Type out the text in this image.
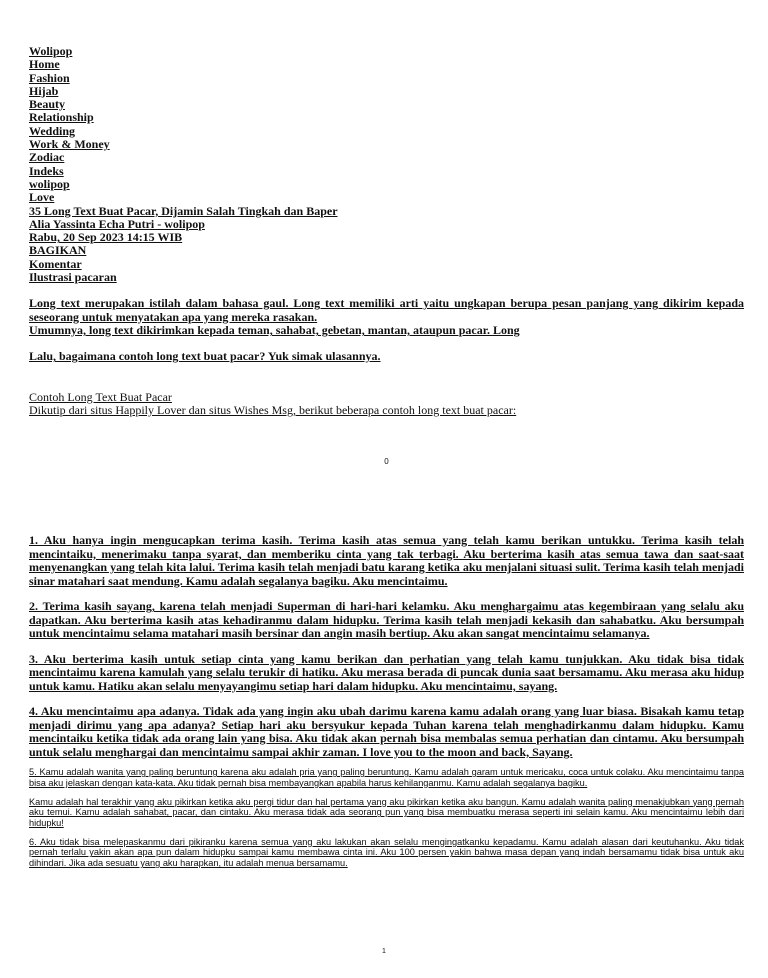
Wolipop
Home
Fashion
Hijab
Beauty
Relationship
Wedding
Work & Money
Zodiac
Indeks
wolipop
Love
35 Long Text Buat Pacar, Dijamin Salah Tingkah dan Baper
Alia Yassinta Echa Putri - wolipop
Rabu, 20 Sep 2023 14:15 WIB
BAGIKAN
Komentar
Ilustrasi pacaran
Long text merupakan istilah dalam bahasa gaul. Long text memiliki arti yaitu ungkapan berupa pesan panjang yang dikirim kepada seseorang untuk menyatakan apa yang mereka rasakan.
Umumnya, long text dikirimkan kepada teman, sahabat, gebetan, mantan, ataupun pacar. Long
Lalu, bagaimana contoh long text buat pacar? Yuk simak ulasannya.
Contoh Long Text Buat Pacar
Dikutip dari situs Happily Lover dan situs Wishes Msg, berikut beberapa contoh long text buat pacar:
0

1. Aku hanya ingin mengucapkan terima kasih. Terima kasih atas semua yang telah kamu berikan untukku. Terima kasih telah mencintaiku, menerimaku tanpa syarat, dan memberiku cinta yang tak terbagi. Aku berterima kasih atas semua tawa dan saat-saat menyenangkan yang telah kita lalui. Terima kasih telah menjadi batu karang ketika aku menjalani situasi sulit. Terima kasih telah menjadi sinar matahari saat mendung. Kamu adalah segalanya bagiku. Aku mencintaimu.

2. Terima kasih sayang, karena telah menjadi Superman di hari-hari kelamku. Aku menghargaimu atas kegembiraan yang selalu aku dapatkan. Aku berterima kasih atas kehadiranmu dalam hidupku. Terima kasih telah menjadi kekasih dan sahabatku. Aku bersumpah untuk mencintaimu selama matahari masih bersinar dan angin masih bertiup. Aku akan sangat mencintaimu selamanya.

3. Aku berterima kasih untuk setiap cinta yang kamu berikan dan perhatian yang telah kamu tunjukkan. Aku tidak bisa tidak mencintaimu karena kamulah yang selalu terukir di hatiku. Aku merasa berada di puncak dunia saat bersamamu. Aku merasa aku hidup untuk kamu. Hatiku akan selalu menyayangimu setiap hari dalam hidupku. Aku mencintaimu, sayang.

4. Aku mencintaimu apa adanya. Tidak ada yang ingin aku ubah darimu karena kamu adalah orang yang luar biasa. Bisakah kamu tetap menjadi dirimu yang apa adanya? Setiap hari aku bersyukur kepada Tuhan karena telah menghadirkanmu dalam hidupku. Kamu mencintaiku ketika tidak ada orang lain yang bisa. Aku tidak akan pernah bisa membalas semua perhatian dan cintamu. Aku bersumpah untuk selalu menghargai dan mencintaimu sampai akhir zaman. I love you to the moon and back, Sayang.

5. Kamu adalah wanita yang paling beruntung karena aku adalah pria yang paling beruntung. Kamu adalah garam untuk mericaku, coca untuk colaku. Aku mencintaimu tanpa bisa aku jelaskan dengan kata-kata. Aku tidak pernah bisa membayangkan apabila harus kehilanganmu. Kamu adalah segalanya bagiku.

Kamu adalah hal terakhir yang aku pikirkan ketika aku pergi tidur dan hal pertama yang aku pikirkan ketika aku bangun. Kamu adalah wanita paling menakjubkan yang pernah aku temui. Kamu adalah sahabat, pacar, dan cintaku. Aku merasa tidak ada seorang pun yang bisa membuatku merasa seperti ini selain kamu. Aku mencintaimu lebih dari hidupku!

6. Aku tidak bisa melepaskanmu dari pikiranku karena semua yang aku lakukan akan selalu mengingatkanku kepadamu. Kamu adalah alasan dari keutuhanku. Aku tidak pernah terlalu yakin akan apa pun dalam hidupku sampai kamu membawa cinta ini. Aku 100 persen yakin bahwa masa depan yang indah bersamamu tidak bisa untuk aku dihindari. Jika ada sesuatu yang aku harapkan, itu adalah menua bersamamu.

1
